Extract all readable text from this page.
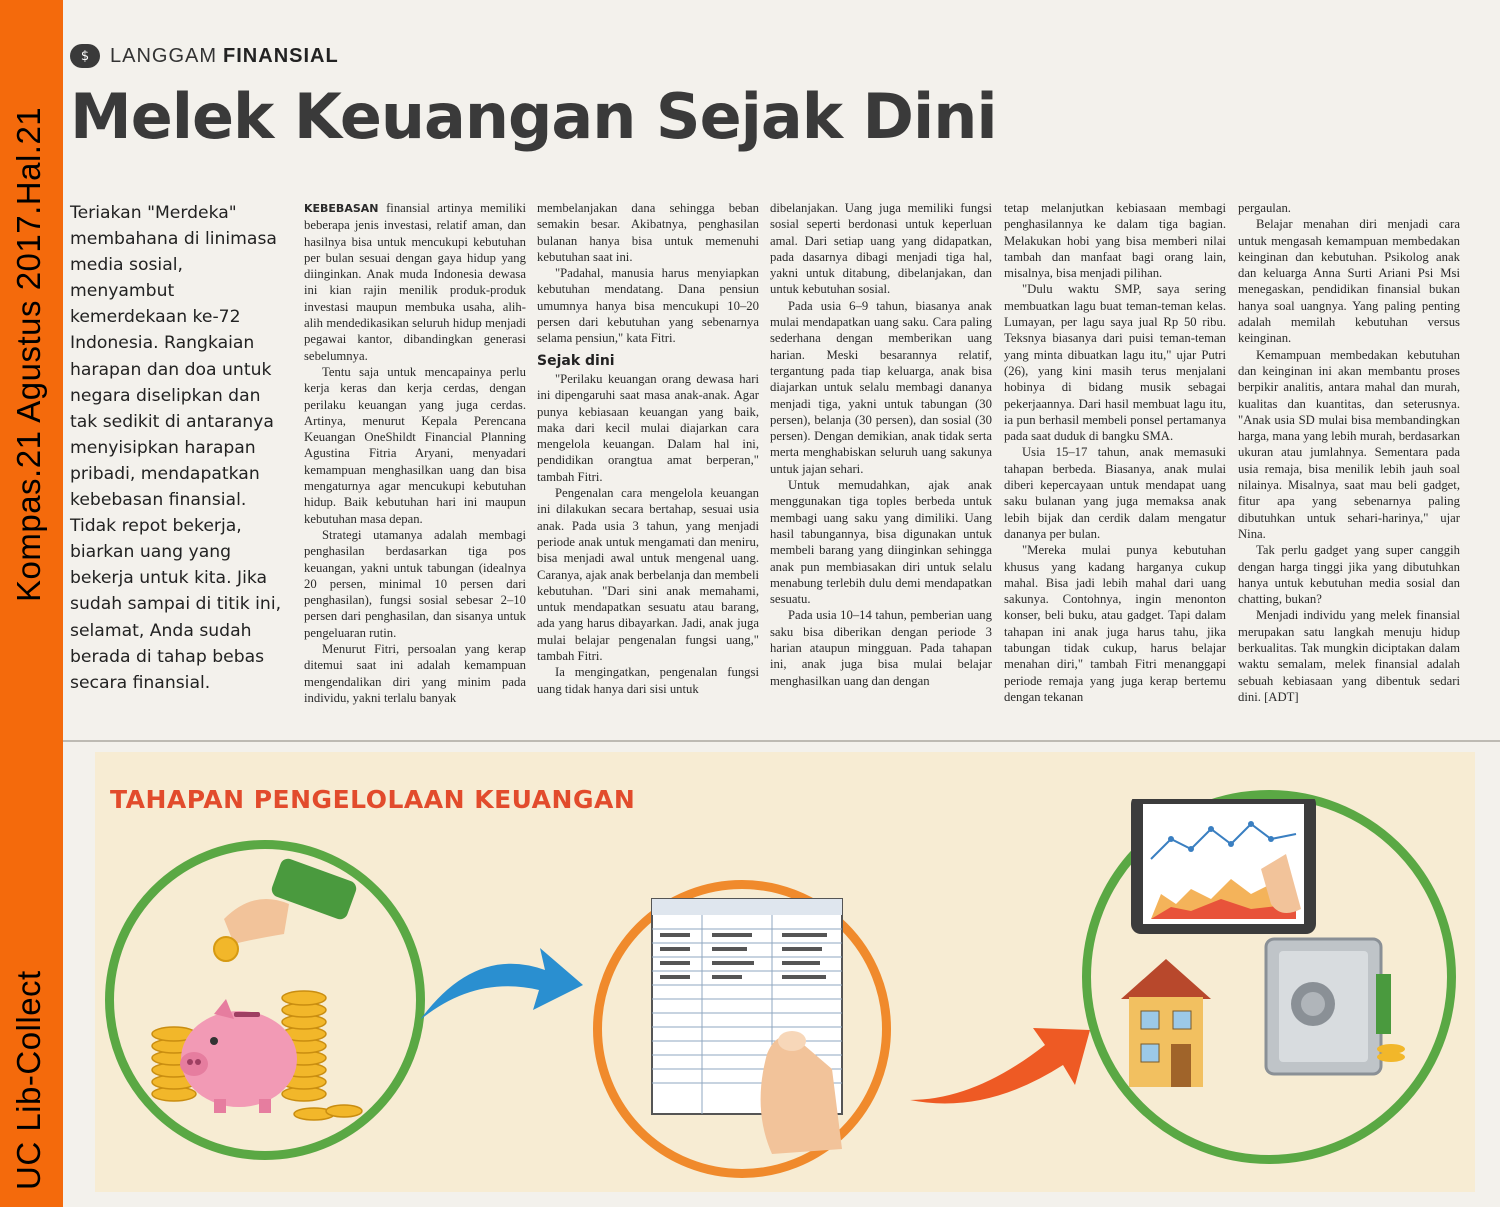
Kompas.21 Agustus 2017.Hal.21
UC Lib-Collect
$	LANGGAM FINANSIAL
Melek Keuangan Sejak Dini
Teriakan "Merdeka" membahana di linimasa media sosial, menyambut kemerdekaan ke-72 Indonesia. Rangkaian harapan dan doa untuk negara diselipkan dan tak sedikit di antaranya menyisipkan harapan pribadi, mendapatkan kebebasan finansial. Tidak repot bekerja, biarkan uang yang bekerja untuk kita. Jika sudah sampai di titik ini, selamat, Anda sudah berada di tahap bebas secara finansial.

KEBEBASAN finansial artinya memiliki beberapa jenis investasi, relatif aman, dan hasilnya bisa untuk mencukupi kebutuhan per bulan sesuai dengan gaya hidup yang diinginkan. Anak muda Indonesia dewasa ini kian rajin menilik produk-produk investasi maupun membuka usaha, alih-alih mendedikasikan seluruh hidup menjadi pegawai kantor, dibandingkan generasi sebelumnya.

Tentu saja untuk mencapainya perlu kerja keras dan kerja cerdas, dengan perilaku keuangan yang juga cerdas. Artinya, menurut Kepala Perencana Keuangan OneShildt Financial Planning Agustina Fitria Aryani, menyadari kemampuan menghasilkan uang dan bisa mengaturnya agar mencukupi kebutuhan hidup. Baik kebutuhan hari ini maupun kebutuhan masa depan.

Strategi utamanya adalah membagi penghasilan berdasarkan tiga pos keuangan, yakni untuk tabungan (idealnya 20 persen, minimal 10 persen dari penghasilan), fungsi sosial sebesar 2–10 persen dari penghasilan, dan sisanya untuk pengeluaran rutin.

Menurut Fitri, persoalan yang kerap ditemui saat ini adalah kemampuan mengendalikan diri yang minim pada individu, yakni terlalu banyak

membelanjakan dana sehingga beban semakin besar. Akibatnya, penghasilan bulanan hanya bisa untuk memenuhi kebutuhan saat ini.

"Padahal, manusia harus menyiapkan kebutuhan mendatang. Dana pensiun umumnya hanya bisa mencukupi 10–20 persen dari kebutuhan yang sebenarnya selama pensiun," kata Fitri.

Sejak dini

"Perilaku keuangan orang dewasa hari ini dipengaruhi saat masa anak-anak. Agar punya kebiasaan keuangan yang baik, maka dari kecil mulai diajarkan cara mengelola keuangan. Dalam hal ini, pendidikan orangtua amat berperan," tambah Fitri.

Pengenalan cara mengelola keuangan ini dilakukan secara bertahap, sesuai usia anak. Pada usia 3 tahun, yang menjadi periode anak untuk mengamati dan meniru, bisa menjadi awal untuk mengenal uang. Caranya, ajak anak berbelanja dan membeli kebutuhan. "Dari sini anak memahami, untuk mendapatkan sesuatu atau barang, ada yang harus dibayarkan. Jadi, anak juga mulai belajar pengenalan fungsi uang," tambah Fitri.

Ia mengingatkan, pengenalan fungsi uang tidak hanya dari sisi untuk

dibelanjakan. Uang juga memiliki fungsi sosial seperti berdonasi untuk keperluan amal. Dari setiap uang yang didapatkan, pada dasarnya dibagi menjadi tiga hal, yakni untuk ditabung, dibelanjakan, dan untuk kebutuhan sosial.

Pada usia 6–9 tahun, biasanya anak mulai mendapatkan uang saku. Cara paling sederhana dengan memberikan uang harian. Meski besarannya relatif, tergantung pada tiap keluarga, anak bisa diajarkan untuk selalu membagi dananya menjadi tiga, yakni untuk tabungan (30 persen), belanja (30 persen), dan sosial (30 persen). Dengan demikian, anak tidak serta merta menghabiskan seluruh uang sakunya untuk jajan sehari.

Untuk memudahkan, ajak anak menggunakan tiga toples berbeda untuk membagi uang saku yang dimiliki. Uang hasil tabungannya, bisa digunakan untuk membeli barang yang diinginkan sehingga anak pun membiasakan diri untuk selalu menabung terlebih dulu demi mendapatkan sesuatu.

Pada usia 10–14 tahun, pemberian uang saku bisa diberikan dengan periode 3 harian ataupun mingguan. Pada tahapan ini, anak juga bisa mulai belajar menghasilkan uang dan dengan

tetap melanjutkan kebiasaan membagi penghasilannya ke dalam tiga bagian. Melakukan hobi yang bisa memberi nilai tambah dan manfaat bagi orang lain, misalnya, bisa menjadi pilihan.

"Dulu waktu SMP, saya sering membuatkan lagu buat teman-teman kelas. Lumayan, per lagu saya jual Rp 50 ribu. Teksnya biasanya dari puisi teman-teman yang minta dibuatkan lagu itu," ujar Putri (26), yang kini masih terus menjalani hobinya di bidang musik sebagai pekerjaannya. Dari hasil membuat lagu itu, ia pun berhasil membeli ponsel pertamanya pada saat duduk di bangku SMA.

Usia 15–17 tahun, anak memasuki tahapan berbeda. Biasanya, anak mulai diberi kepercayaan untuk mendapat uang saku bulanan yang juga memaksa anak lebih bijak dan cerdik dalam mengatur dananya per bulan.

"Mereka mulai punya kebutuhan khusus yang kadang harganya cukup mahal. Bisa jadi lebih mahal dari uang sakunya. Contohnya, ingin menonton konser, beli buku, atau gadget. Tapi dalam tahapan ini anak juga harus tahu, jika tabungan tidak cukup, harus belajar menahan diri," tambah Fitri menanggapi periode remaja yang juga kerap bertemu dengan tekanan

pergaulan.

Belajar menahan diri menjadi cara untuk mengasah kemampuan membedakan keinginan dan kebutuhan. Psikolog anak dan keluarga Anna Surti Ariani Psi Msi menegaskan, pendidikan finansial bukan hanya soal uangnya. Yang paling penting adalah memilah kebutuhan versus keinginan.

Kemampuan membedakan kebutuhan dan keinginan ini akan membantu proses berpikir analitis, antara mahal dan murah, kualitas dan kuantitas, dan seterusnya. "Anak usia SD mulai bisa membandingkan harga, mana yang lebih murah, berdasarkan ukuran atau jumlahnya. Sementara pada usia remaja, bisa menilik lebih jauh soal nilainya. Misalnya, saat mau beli gadget, fitur apa yang sebenarnya paling dibutuhkan untuk sehari-harinya," ujar Nina.

Tak perlu gadget yang super canggih dengan harga tinggi jika yang dibutuhkan hanya untuk kebutuhan media sosial dan chatting, bukan?

Menjadi individu yang melek finansial merupakan satu langkah menuju hidup berkualitas. Tak mungkin diciptakan dalam waktu semalam, melek finansial adalah sebuah kebiasaan yang dibentuk sedari dini. [ADT]

TAHAPAN PENGELOLAAN KEUANGAN
